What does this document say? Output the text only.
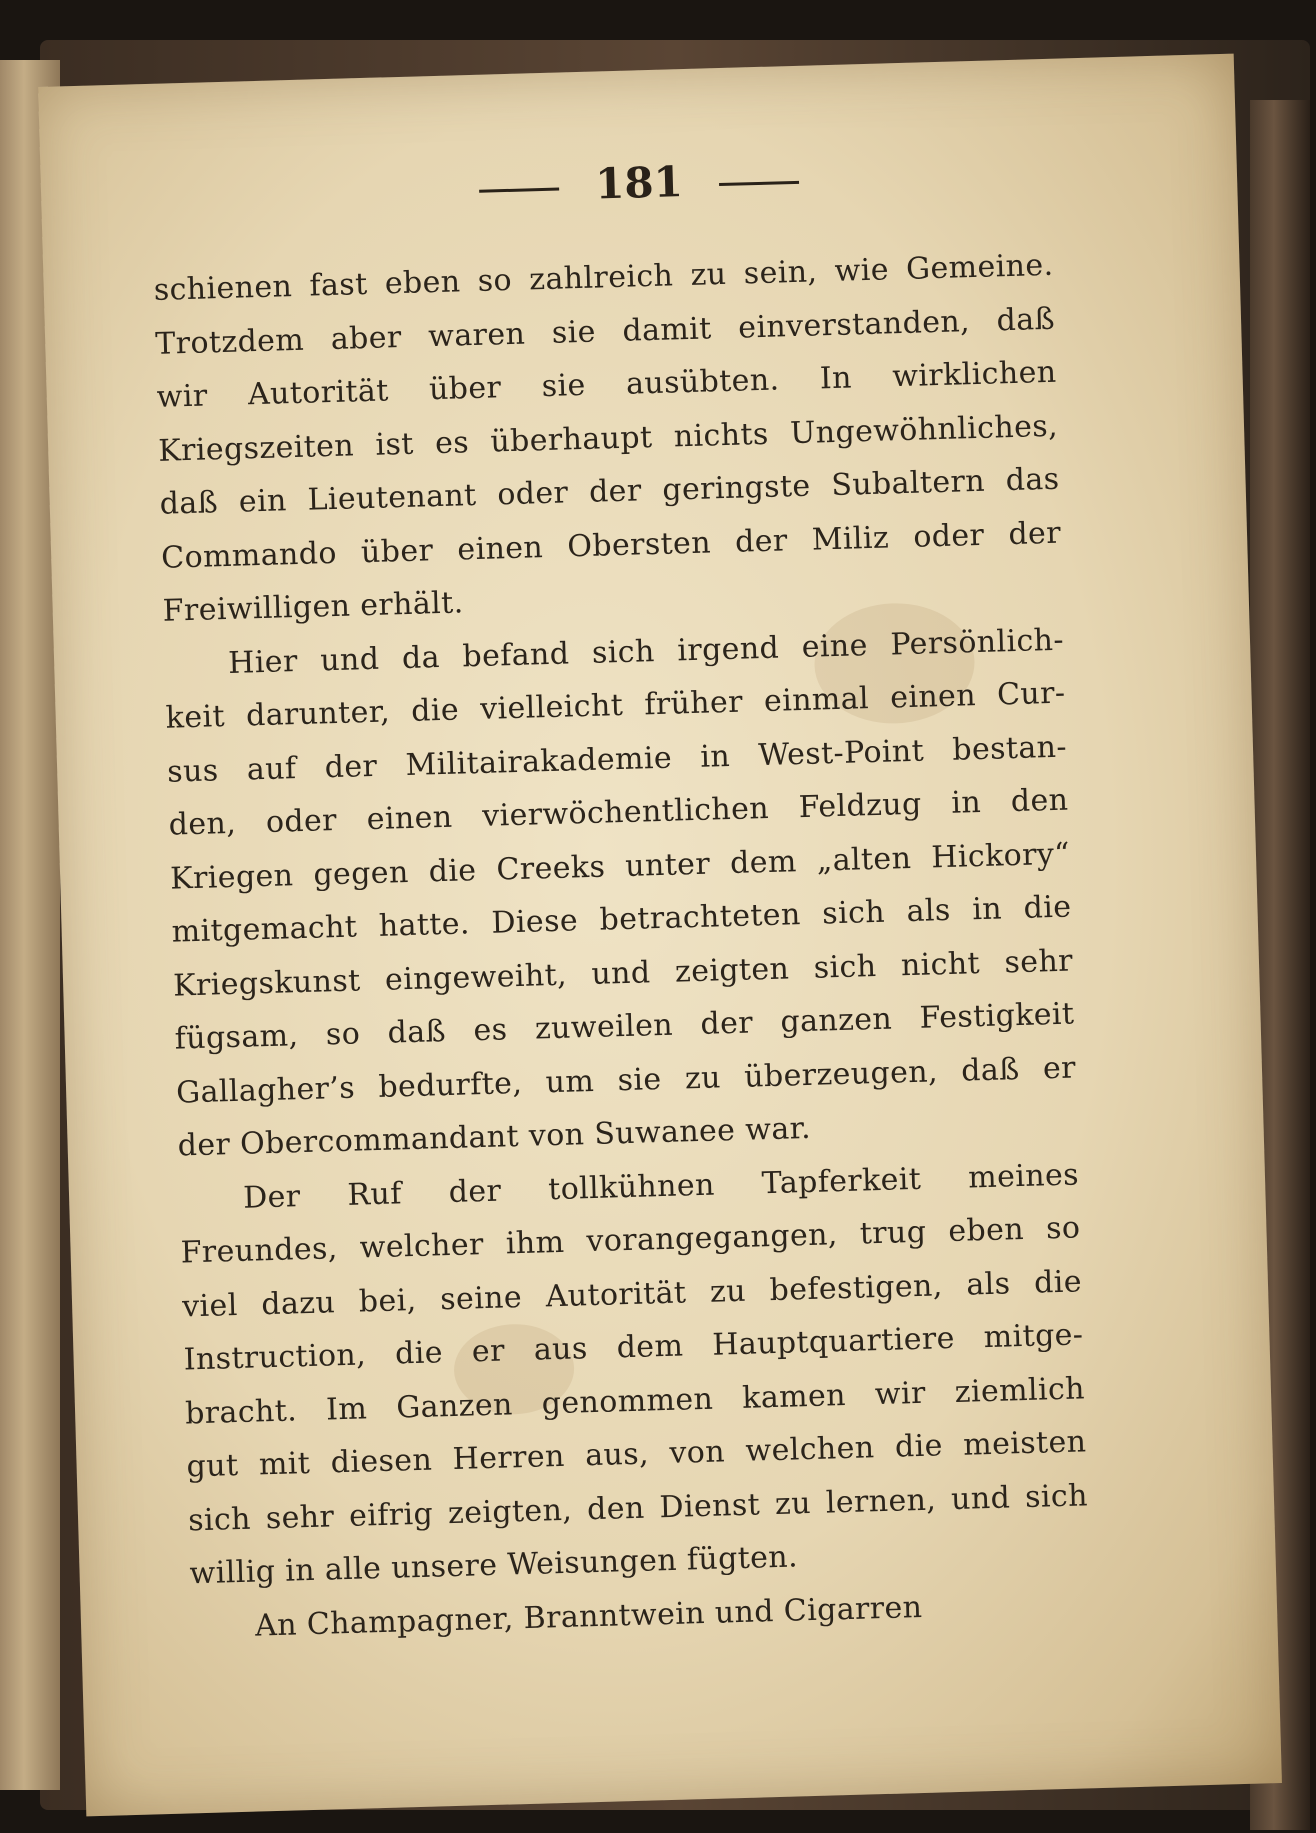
181
schienen fast eben so zahlreich zu sein, wie Gemeine.
Trotzdem aber waren sie damit einverstanden, daß
wir Autorität über sie ausübten. In wirklichen
Kriegszeiten ist es überhaupt nichts Ungewöhnliches,
daß ein Lieutenant oder der geringste Subaltern das
Commando über einen Obersten der Miliz oder der
Freiwilligen erhält.
Hier und da befand sich irgend eine Persönlich-
keit darunter, die vielleicht früher einmal einen Cur-
sus auf der Militairakademie in West-Point bestan-
den, oder einen vierwöchentlichen Feldzug in den
Kriegen gegen die Creeks unter dem „alten Hickory“
mitgemacht hatte. Diese betrachteten sich als in die
Kriegskunst eingeweiht, und zeigten sich nicht sehr
fügsam, so daß es zuweilen der ganzen Festigkeit
Gallagher’s bedurfte, um sie zu überzeugen, daß er
der Obercommandant von Suwanee war.
Der Ruf der tollkühnen Tapferkeit meines
Freundes, welcher ihm vorangegangen, trug eben so
viel dazu bei, seine Autorität zu befestigen, als die
Instruction, die er aus dem Hauptquartiere mitge-
bracht. Im Ganzen genommen kamen wir ziemlich
gut mit diesen Herren aus, von welchen die meisten
sich sehr eifrig zeigten, den Dienst zu lernen, und sich
willig in alle unsere Weisungen fügten.
An Champagner, Branntwein und Cigarren
